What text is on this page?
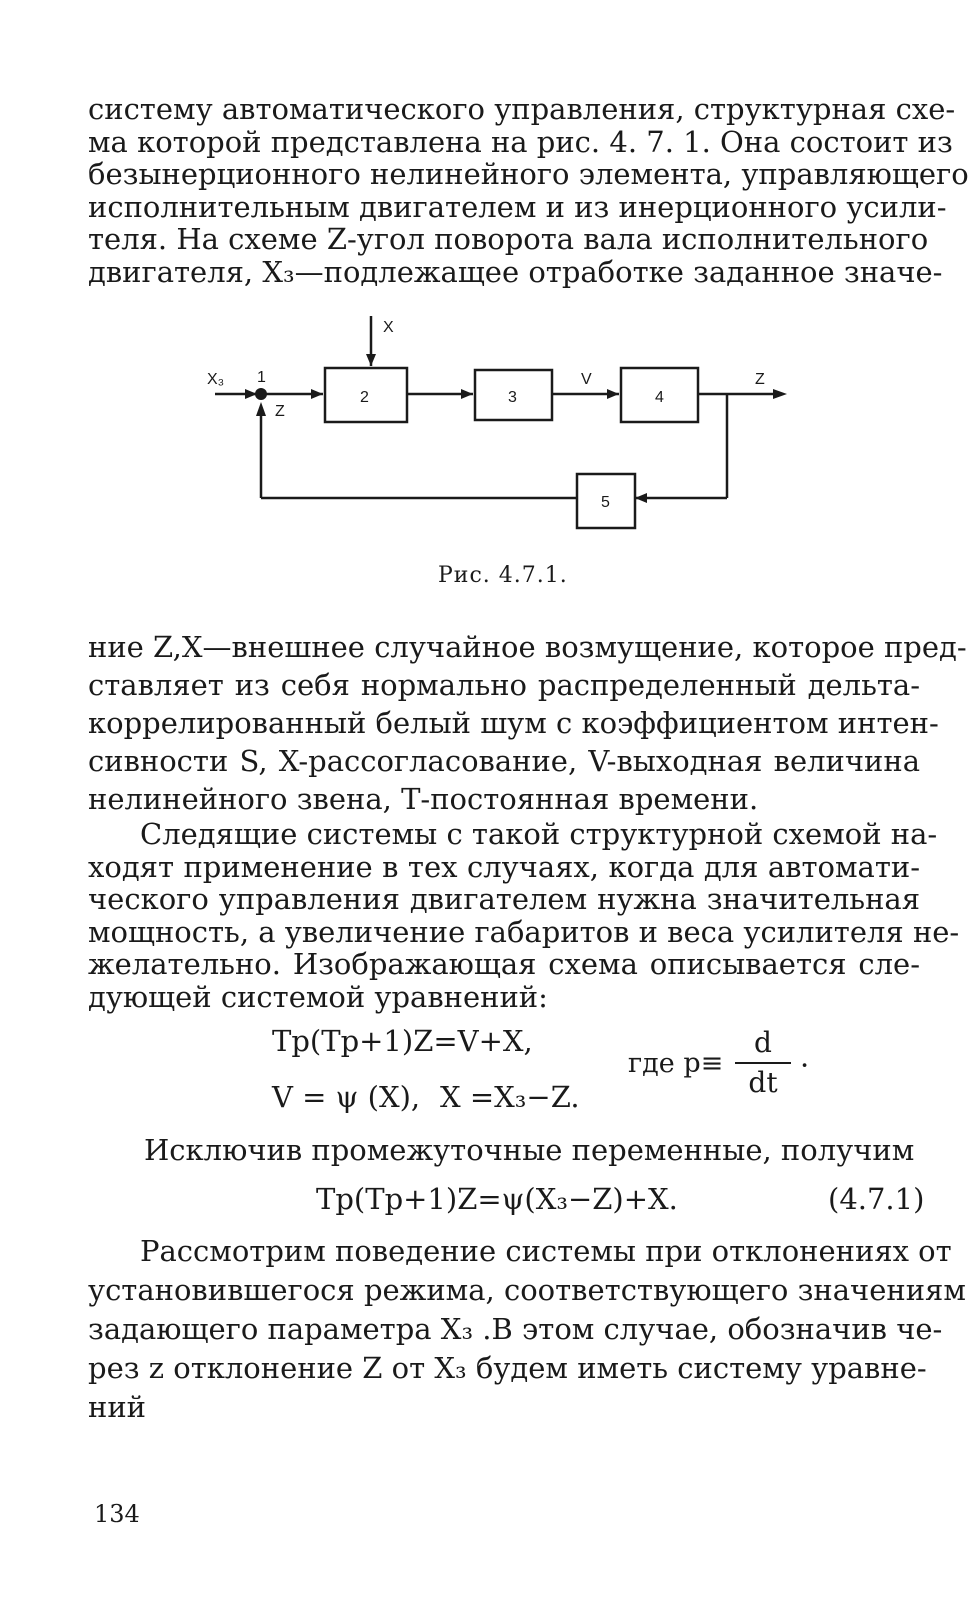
систему автоматического управления, структурная схе-
ма которой представлена на рис. 4. 7. 1. Она состоит из
безынерционного нелинейного элемента, управляющего
исполнительным двигателем и из инерционного усили-
теля. На схеме Z-угол поворота вала исполнительного
двигателя, X₃—подлежащее отработке заданное значе-
X₃ 1
Z
X
V	Z
2	3	4
5
Рис. 4.7.1.
ние Z,X—внешнее случайное возмущение, которое пред-
ставляет из себя нормально распределенный дельта-
коррелированный белый шум с коэффициентом интен-
сивности S, X-рассогласование, V-выходная величина
нелинейного звена, Т-постоянная времени.
Следящие системы с такой структурной схемой на-
ходят применение в тех случаях, когда для автомати-
ческого управления двигателем нужна значительная
мощность, а увеличение габаритов и веса усилителя не-
желательно. Изображающая схема описывается сле-
дующей системой уравнений:
Тр(Тр+1)Z=V+X,
V = ψ (X), X =X₃−Z.
где p≡
d
dt
·
Исключив промежуточные переменные, получим
Тр(Тр+1)Z=ψ(X₃−Z)+X.	(4.7.1)
Рассмотрим поведение системы при отклонениях от
установившегося режима, соответствующего значениям
задающего параметра X₃ .В этом случае, обозначив че-
рез z отклонение Z от X₃ будем иметь систему уравне-
ний
134
